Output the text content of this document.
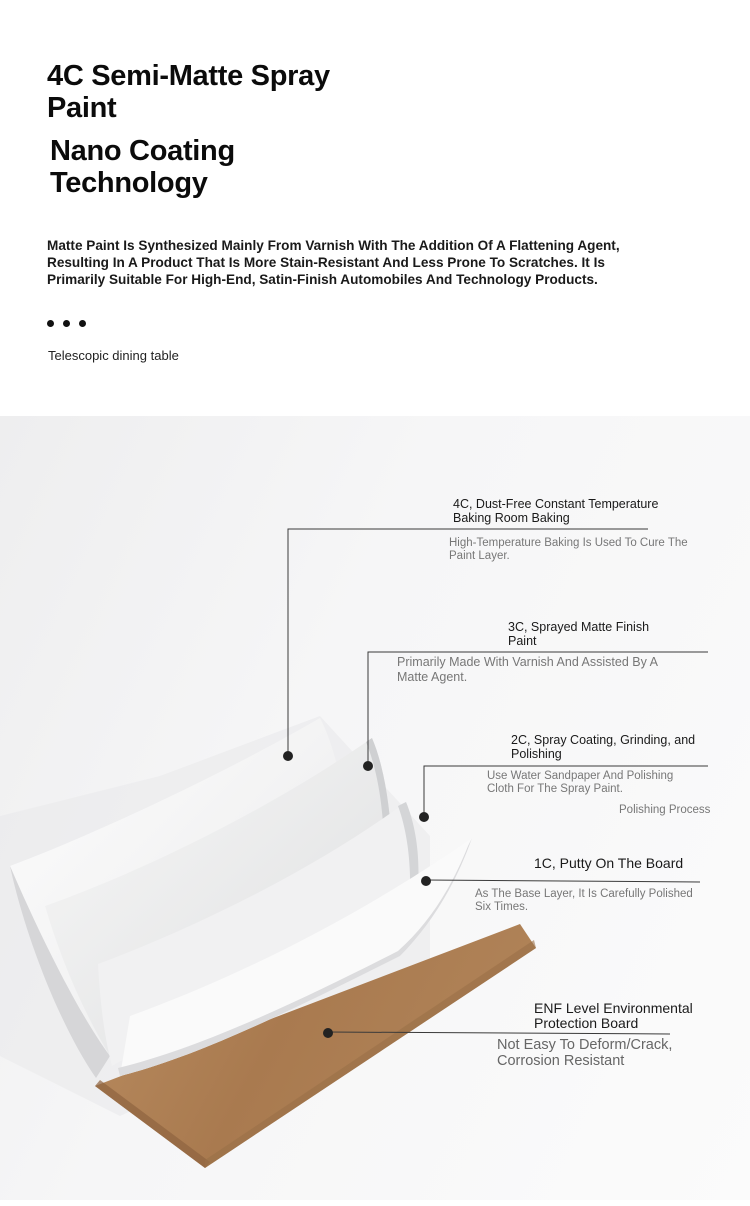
4C Semi-Matte Spray
Paint
Nano Coating
Technology
Matte Paint Is Synthesized Mainly From Varnish With The Addition Of A Flattening Agent,
Resulting In A Product That Is More Stain-Resistant And Less Prone To Scratches. It Is
Primarily Suitable For High-End, Satin-Finish Automobiles And Technology Products.
Telescopic dining table
4C, Dust-Free Constant Temperature
Baking Room Baking
High-Temperature Baking Is Used To Cure The
Paint Layer.
3C, Sprayed Matte Finish
Paint
Primarily Made With Varnish And Assisted By A
Matte Agent.
2C, Spray Coating, Grinding, and
Polishing
Use Water Sandpaper And Polishing
Cloth For The Spray Paint.
Polishing Process
1C, Putty On The Board
As The Base Layer, It Is Carefully Polished
Six Times.
ENF Level Environmental
Protection Board
Not Easy To Deform/Crack,
Corrosion Resistant
